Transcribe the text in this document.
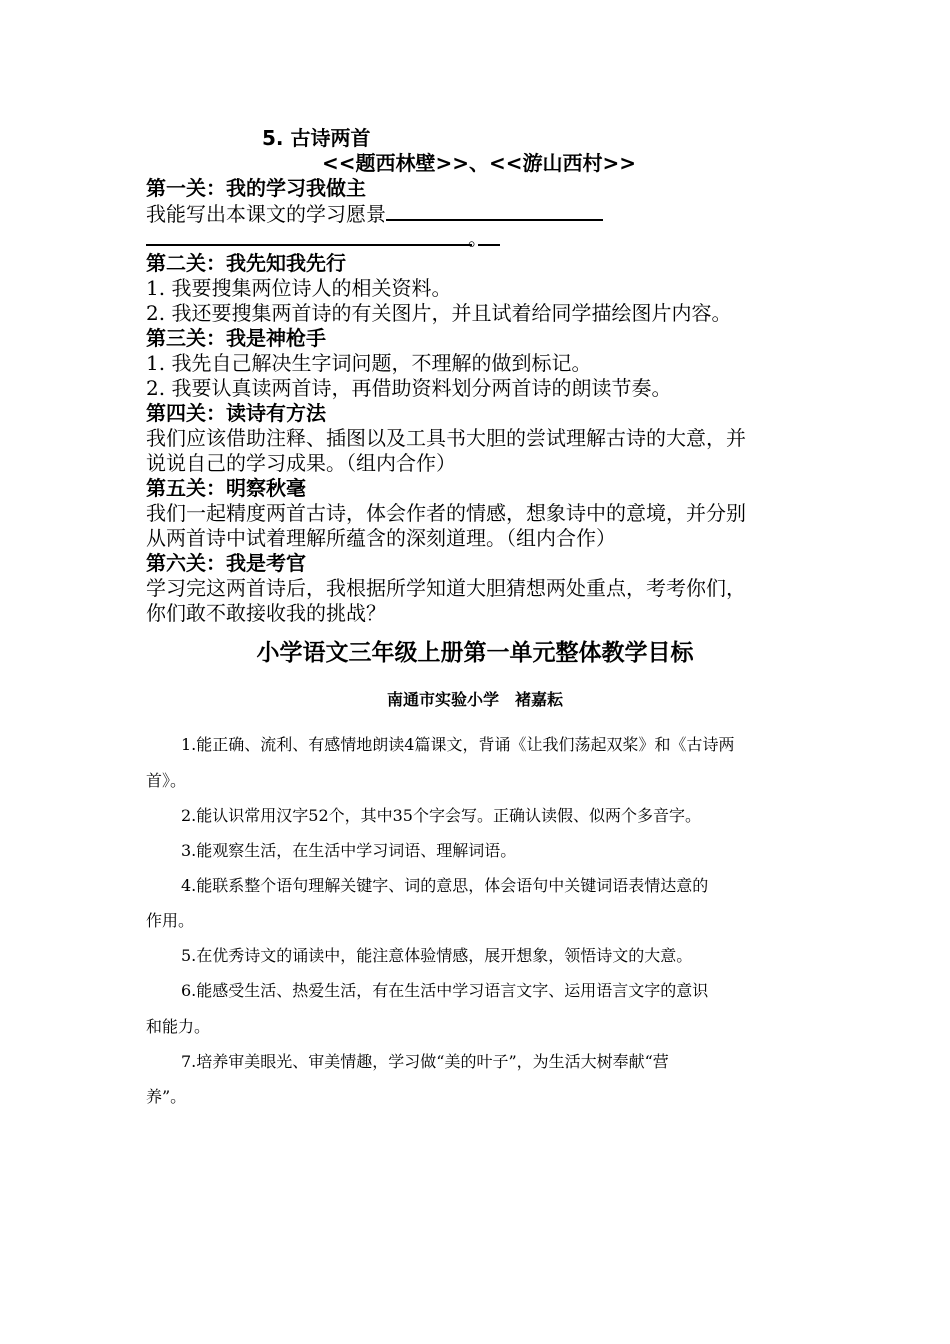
5. 古诗两首
<<题西林壁>>、<<游山西村>>
第一关：我的学习我做主
我能写出本课文的学习愿景
。

第二关：我先知我先行
1. 我要搜集两位诗人的相关资料。
2. 我还要搜集两首诗的有关图片，并且试着给同学描绘图片内容。
第三关：我是神枪手
1. 我先自己解决生字词问题，不理解的做到标记。
2. 我要认真读两首诗，再借助资料划分两首诗的朗读节奏。
第四关：读诗有方法
我们应该借助注释、插图以及工具书大胆的尝试理解古诗的大意，并
说说自己的学习成果。（组内合作）
第五关：明察秋毫
我们一起精度两首古诗，体会作者的情感，想象诗中的意境，并分别
从两首诗中试着理解所蕴含的深刻道理。（组内合作）
第六关：我是考官
学习完这两首诗后，我根据所学知道大胆猜想两处重点，考考你们，
你们敢不敢接收我的挑战？
小学语文三年级上册第一单元整体教学目标
南通市实验小学　褚嘉耘
1.能正确、流利、有感情地朗读4篇课文，背诵《让我们荡起双桨》和《古诗两
首》。
2.能认识常用汉字52个，其中35个字会写。正确认读假、似两个多音字。
3.能观察生活，在生活中学习词语、理解词语。
4.能联系整个语句理解关键字、词的意思，体会语句中关键词语表情达意的
作用。
5.在优秀诗文的诵读中，能注意体验情感，展开想象，领悟诗文的大意。
6.能感受生活、热爱生活，有在生活中学习语言文字、运用语言文字的意识
和能力。
7.培养审美眼光、审美情趣，学习做“美的叶子”，为生活大树奉献“营
养”。
